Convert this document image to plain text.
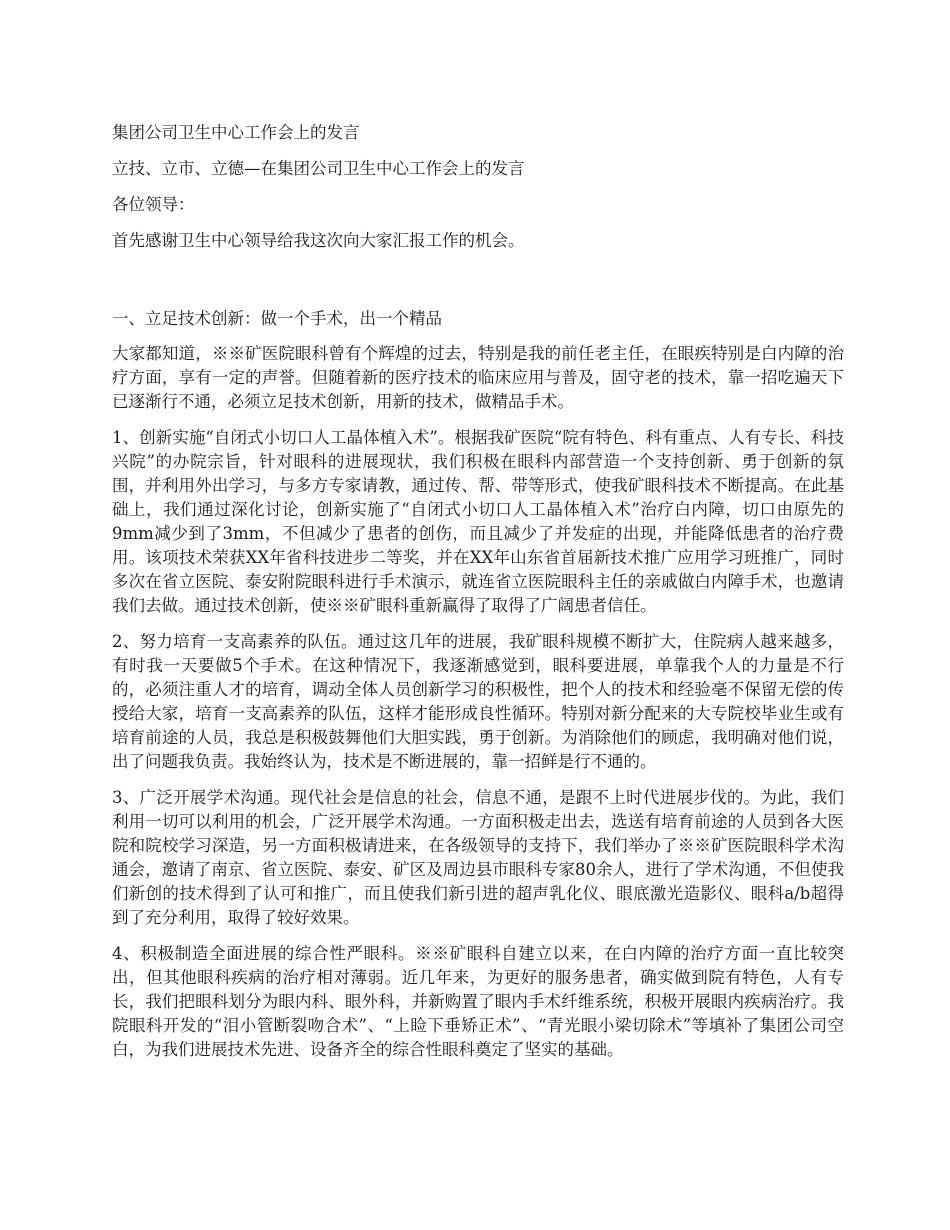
集团公司卫生中心工作会上的发言
立技、立市、立德—在集团公司卫生中心工作会上的发言
各位领导：
首先感谢卫生中心领导给我这次向大家汇报工作的机会。
一、立足技术创新：做一个手术，出一个精品

大家都知道，※※矿医院眼科曾有个辉煌的过去，特别是我的前任老主任，在眼疾特别是白内障的治疗方面，享有一定的声誉。但随着新的医疗技术的临床应用与普及，固守老的技术，靠一招吃遍天下已逐渐行不通，必须立足技术创新，用新的技术，做精品手术。

1、创新实施“自闭式小切口人工晶体植入术”。根据我矿医院“院有特色、科有重点、人有专长、科技兴院”的办院宗旨，针对眼科的进展现状，我们积极在眼科内部营造一个支持创新、勇于创新的氛围，并利用外出学习，与多方专家请教，通过传、帮、带等形式，使我矿眼科技术不断提高。在此基础上，我们通过深化讨论，创新实施了“自闭式小切口人工晶体植入术”治疗白内障，切口由原先的9mm减少到了3mm，不但减少了患者的创伤，而且减少了并发症的出现，并能降低患者的治疗费用。该项技术荣获XX年省科技进步二等奖，并在XX年山东省首届新技术推广应用学习班推广，同时多次在省立医院、泰安附院眼科进行手术演示，就连省立医院眼科主任的亲戚做白内障手术，也邀请我们去做。通过技术创新，使※※矿眼科重新赢得了取得了广阔患者信任。

2、努力培育一支高素养的队伍。通过这几年的进展，我矿眼科规模不断扩大，住院病人越来越多，有时我一天要做5个手术。在这种情况下，我逐渐感觉到，眼科要进展，单靠我个人的力量是不行的，必须注重人才的培育，调动全体人员创新学习的积极性，把个人的技术和经验毫不保留无偿的传授给大家，培育一支高素养的队伍，这样才能形成良性循环。特别对新分配来的大专院校毕业生或有培育前途的人员，我总是积极鼓舞他们大胆实践，勇于创新。为消除他们的顾虑，我明确对他们说，出了问题我负责。我始终认为，技术是不断进展的，靠一招鲜是行不通的。

3、广泛开展学术沟通。现代社会是信息的社会，信息不通，是跟不上时代进展步伐的。为此，我们利用一切可以利用的机会，广泛开展学术沟通。一方面积极走出去，选送有培育前途的人员到各大医院和院校学习深造，另一方面积极请进来，在各级领导的支持下，我们举办了※※矿医院眼科学术沟通会，邀请了南京、省立医院、泰安、矿区及周边县市眼科专家80余人，进行了学术沟通，不但使我们新创的技术得到了认可和推广，而且使我们新引进的超声乳化仪、眼底激光造影仪、眼科a/b超得到了充分利用，取得了较好效果。

4、积极制造全面进展的综合性严眼科。※※矿眼科自建立以来，在白内障的治疗方面一直比较突出，但其他眼科疾病的治疗相对薄弱。近几年来，为更好的服务患者，确实做到院有特色，人有专长，我们把眼科划分为眼内科、眼外科，并新购置了眼内手术纤维系统，积极开展眼内疾病治疗。我院眼科开发的“泪小管断裂吻合术”、“上睑下垂矫正术”、“青光眼小梁切除术”等填补了集团公司空白，为我们进展技术先进、设备齐全的综合性眼科奠定了坚实的基础。
